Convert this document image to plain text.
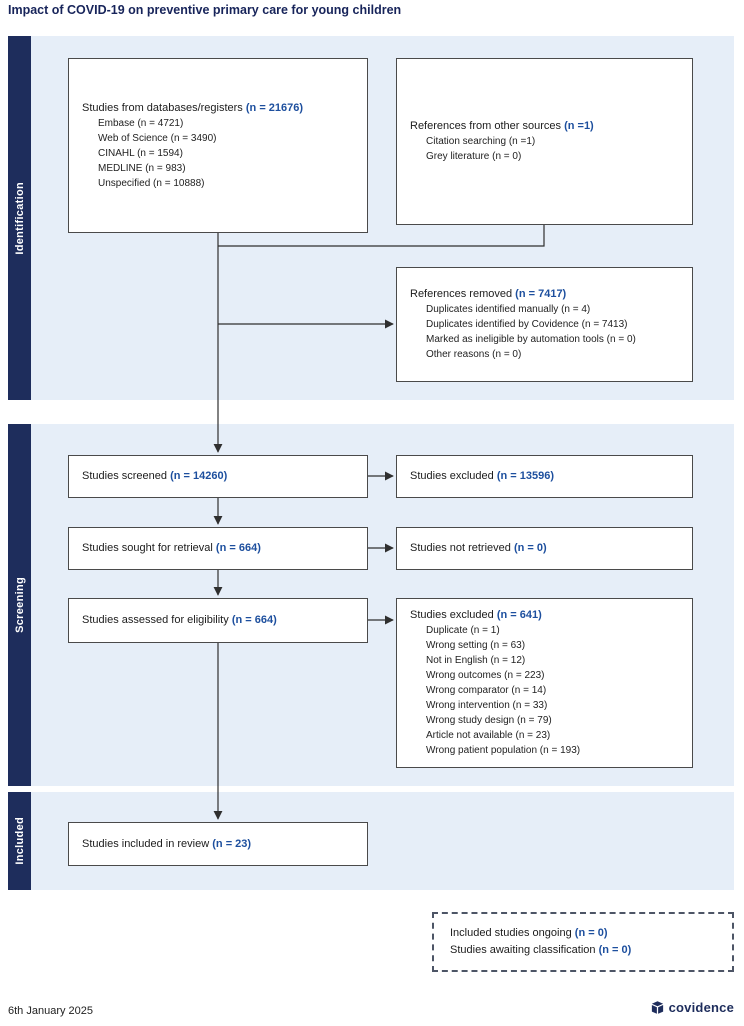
Impact of COVID-19 on preventive primary care for young children
Identification
Screening
Included
Studies from databases/registers (n = 21676)
Embase (n = 4721)
Web of Science (n = 3490)
CINAHL (n = 1594)
MEDLINE (n = 983)
Unspecified (n = 10888)
References from other sources (n =1)
Citation searching (n =1)
Grey literature (n = 0)
References removed (n = 7417)
Duplicates identified manually (n = 4)
Duplicates identified by Covidence (n = 7413)
Marked as ineligible by automation tools (n = 0)
Other reasons (n = 0)
Studies screened (n = 14260)	Studies excluded (n = 13596)
Studies sought for retrieval (n = 664)	Studies not retrieved (n = 0)
Studies assessed for eligibility (n = 664)	Studies excluded (n = 641)
Duplicate (n = 1)
Wrong setting (n = 63)
Not in English (n = 12)
Wrong outcomes (n = 223)
Wrong comparator (n = 14)
Wrong intervention (n = 33)
Wrong study design (n = 79)
Article not available (n = 23)
Wrong patient population (n = 193)
Studies included in review (n = 23)
Included studies ongoing (n = 0)
Studies awaiting classification (n = 0)
6th January 2025	covidence
